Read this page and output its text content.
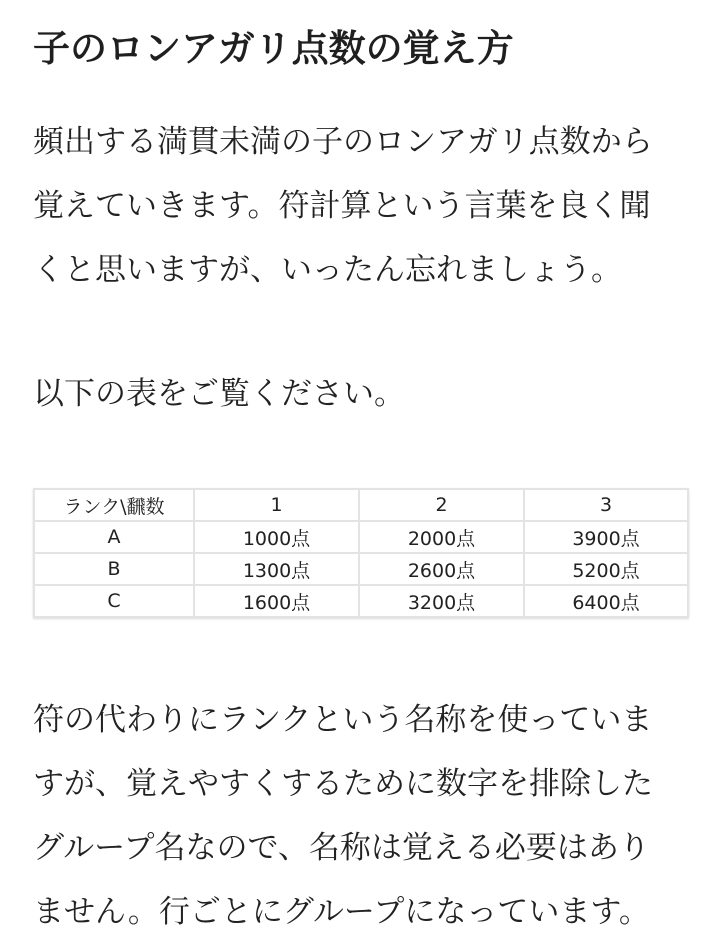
子のロンアガリ点数の覚え方

頻出する満貫未満の子のロンアガリ点数から

覚えていきます。符計算という言葉を良く聞

くと思いますが、いったん忘れましょう。

以下の表をご覧ください。

ランク\飜数	1	2	3
A	1000点	2000点	3900点
B	1300点	2600点	5200点
C	1600点	3200点	6400点

符の代わりにランクという名称を使っていま

すが、覚えやすくするために数字を排除した

グループ名なので、名称は覚える必要はあり

ません。行ごとにグループになっています。
